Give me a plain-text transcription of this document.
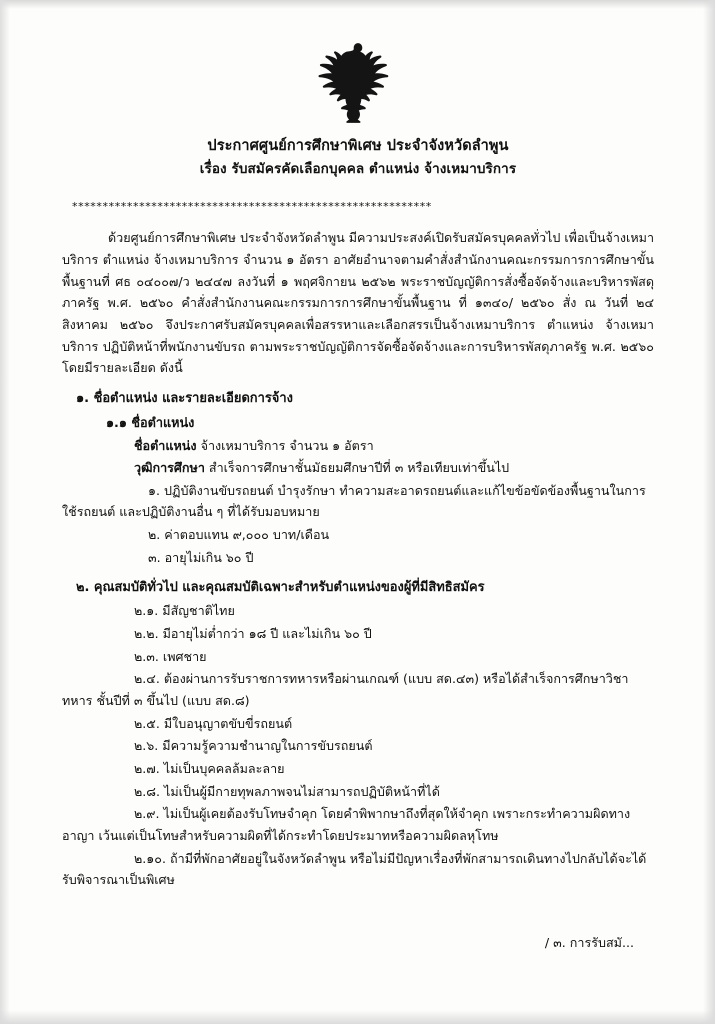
ประกาศศูนย์การศึกษาพิเศษ ประจำจังหวัดลำพูน
เรื่อง รับสมัครคัดเลือกบุคคล ตำแหน่ง จ้างเหมาบริการ
***********************************************************

ด้วยศูนย์การศึกษาพิเศษ ประจำจังหวัดลำพูน มีความประสงค์เปิดรับสมัครบุคคลทั่วไป เพื่อเป็นจ้างเหมาบริการ ตำแหน่ง จ้างเหมาบริการ จำนวน ๑ อัตรา อาศัยอำนาจตามคำสั่งสำนักงานคณะกรรมการการศึกษาขั้นพื้นฐานที่ ศธ ๐๔๐๐๗/ว ๒๔๔๗ ลงวันที่ ๑ พฤศจิกายน ๒๕๖๒ พระราชบัญญัติการสั่งซื้อจัดจ้างและบริหารพัสดุภาครัฐ พ.ศ. ๒๕๖๐ คำสั่งสำนักงานคณะกรรมการการศึกษาขั้นพื้นฐาน ที่ ๑๓๔๐/ ๒๕๖๐ สั่ง ณ วันที่ ๒๔ สิงหาคม ๒๕๖๐ จึงประกาศรับสมัครบุคคลเพื่อสรรหาและเลือกสรรเป็นจ้างเหมาบริการ ตำแหน่ง จ้างเหมาบริการ ปฏิบัติหน้าที่พนักงานขับรถ ตามพระราชบัญญัติการจัดซื้อจัดจ้างและการบริหารพัสดุภาครัฐ พ.ศ. ๒๕๖๐ โดยมีรายละเอียด ดังนี้

๑. ชื่อตำแหน่ง และรายละเอียดการจ้าง
๑.๑ ชื่อตำแหน่ง
ชื่อตำแหน่ง จ้างเหมาบริการ จำนวน ๑ อัตรา
วุฒิการศึกษา สำเร็จการศึกษาชั้นมัธยมศึกษาปีที่ ๓ หรือเทียบเท่าขึ้นไป

๑. ปฏิบัติงานขับรถยนต์ บำรุงรักษา ทำความสะอาดรถยนต์และแก้ไขข้อขัดข้องพื้นฐานในการใช้รถยนต์ และปฏิบัติงานอื่น ๆ ที่ได้รับมอบหมาย

๒. ค่าตอบแทน ๙,๐๐๐ บาท/เดือน

๓. อายุไม่เกิน ๖๐ ปี

๒. คุณสมบัติทั่วไป และคุณสมบัติเฉพาะสำหรับตำแหน่งของผู้ที่มีสิทธิสมัคร

๒.๑. มีสัญชาติไทย

๒.๒. มีอายุไม่ต่ำกว่า ๑๘ ปี และไม่เกิน ๖๐ ปี

๒.๓. เพศชาย

๒.๔. ต้องผ่านการรับราชการทหารหรือผ่านเกณฑ์ (แบบ สด.๔๓) หรือได้สำเร็จการศึกษาวิชาทหาร ชั้นปีที่ ๓ ขึ้นไป (แบบ สด.๘)

๒.๕. มีใบอนุญาตขับขี่รถยนต์

๒.๖. มีความรู้ความชำนาญในการขับรถยนต์

๒.๗. ไม่เป็นบุคคลล้มละลาย

๒.๘. ไม่เป็นผู้มีกายทุพลภาพจนไม่สามารถปฏิบัติหน้าที่ได้

๒.๙. ไม่เป็นผู้เคยต้องรับโทษจำคุก โดยคำพิพากษาถึงที่สุดให้จำคุก เพราะกระทำความผิดทางอาญา เว้นแต่เป็นโทษสำหรับความผิดที่ได้กระทำโดยประมาทหรือความผิดลหุโทษ

๒.๑๐. ถ้ามีที่พักอาศัยอยู่ในจังหวัดลำพูน หรือไม่มีปัญหาเรื่องที่พักสามารถเดินทางไปกลับได้จะได้รับพิจารณาเป็นพิเศษ

/ ๓. การรับสมั...
